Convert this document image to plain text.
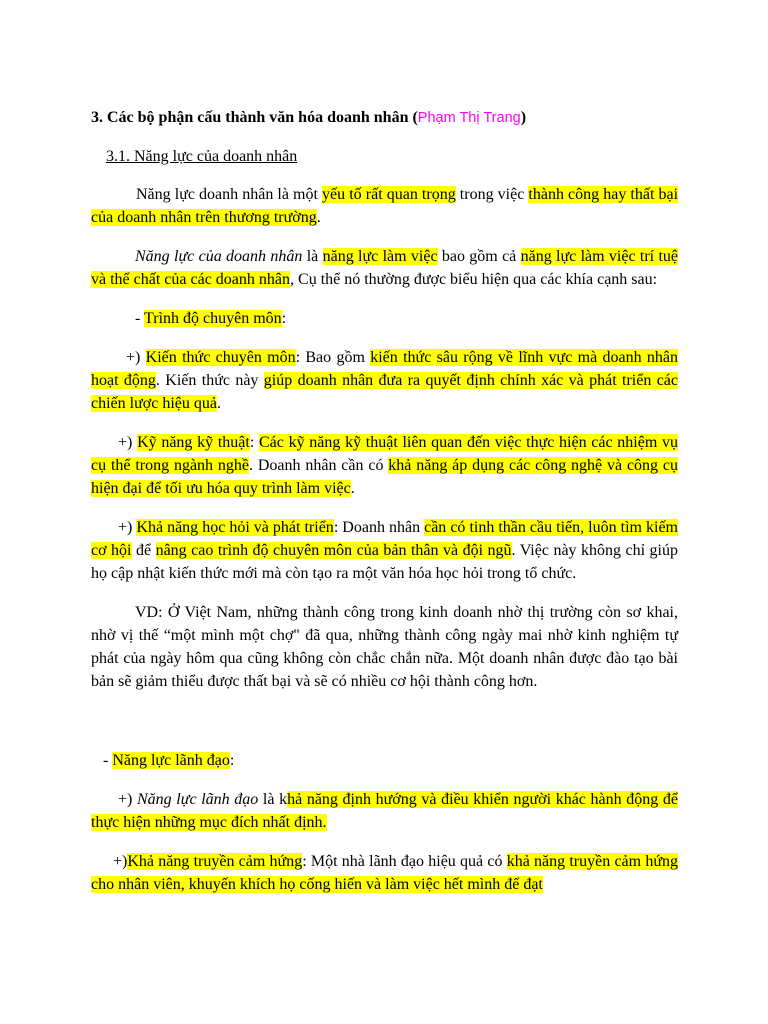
3. Các bộ phận cấu thành văn hóa doanh nhân (Phạm Thị Trang)

3.1. Năng lực của doanh nhân

Năng lực doanh nhân là một yếu tố rất quan trọng trong việc thành công hay thất bại của doanh nhân trên thương trường.

Năng lực của doanh nhân là năng lực làm việc bao gồm cả năng lực làm việc trí tuệ và thể chất của các doanh nhân, Cụ thể nó thường được biểu hiện qua các khía cạnh sau:

- Trình độ chuyên môn:

+) Kiến thức chuyên môn: Bao gồm kiến thức sâu rộng về lĩnh vực mà doanh nhân hoạt động. Kiến thức này giúp doanh nhân đưa ra quyết định chính xác và phát triển các chiến lược hiệu quả.

+) Kỹ năng kỹ thuật: Các kỹ năng kỹ thuật liên quan đến việc thực hiện các nhiệm vụ cụ thể trong ngành nghề. Doanh nhân cần có khả năng áp dụng các công nghệ và công cụ hiện đại để tối ưu hóa quy trình làm việc.

+) Khả năng học hỏi và phát triển: Doanh nhân cần có tinh thần cầu tiến, luôn tìm kiếm cơ hội để nâng cao trình độ chuyên môn của bản thân và đội ngũ. Việc này không chỉ giúp họ cập nhật kiến thức mới mà còn tạo ra một văn hóa học hỏi trong tổ chức.

VD: Ở Việt Nam, những thành công trong kinh doanh nhờ thị trường còn sơ khai, nhờ vị thế “một mình một chợ" đã qua, những thành công ngày mai nhờ kinh nghiệm tự phát của ngày hôm qua cũng không còn chắc chắn nữa. Một doanh nhân được đào tạo bài bản sẽ giảm thiểu được thất bại và sẽ có nhiều cơ hội thành công hơn.

- Năng lực lãnh đạo:

+) Năng lực lãnh đạo là khả năng định hướng và điều khiển người khác hành động để thực hiện những mục đích nhất định.

+)Khả năng truyền cảm hứng: Một nhà lãnh đạo hiệu quả có khả năng truyền cảm hứng cho nhân viên, khuyến khích họ cống hiến và làm việc hết mình để đạt
